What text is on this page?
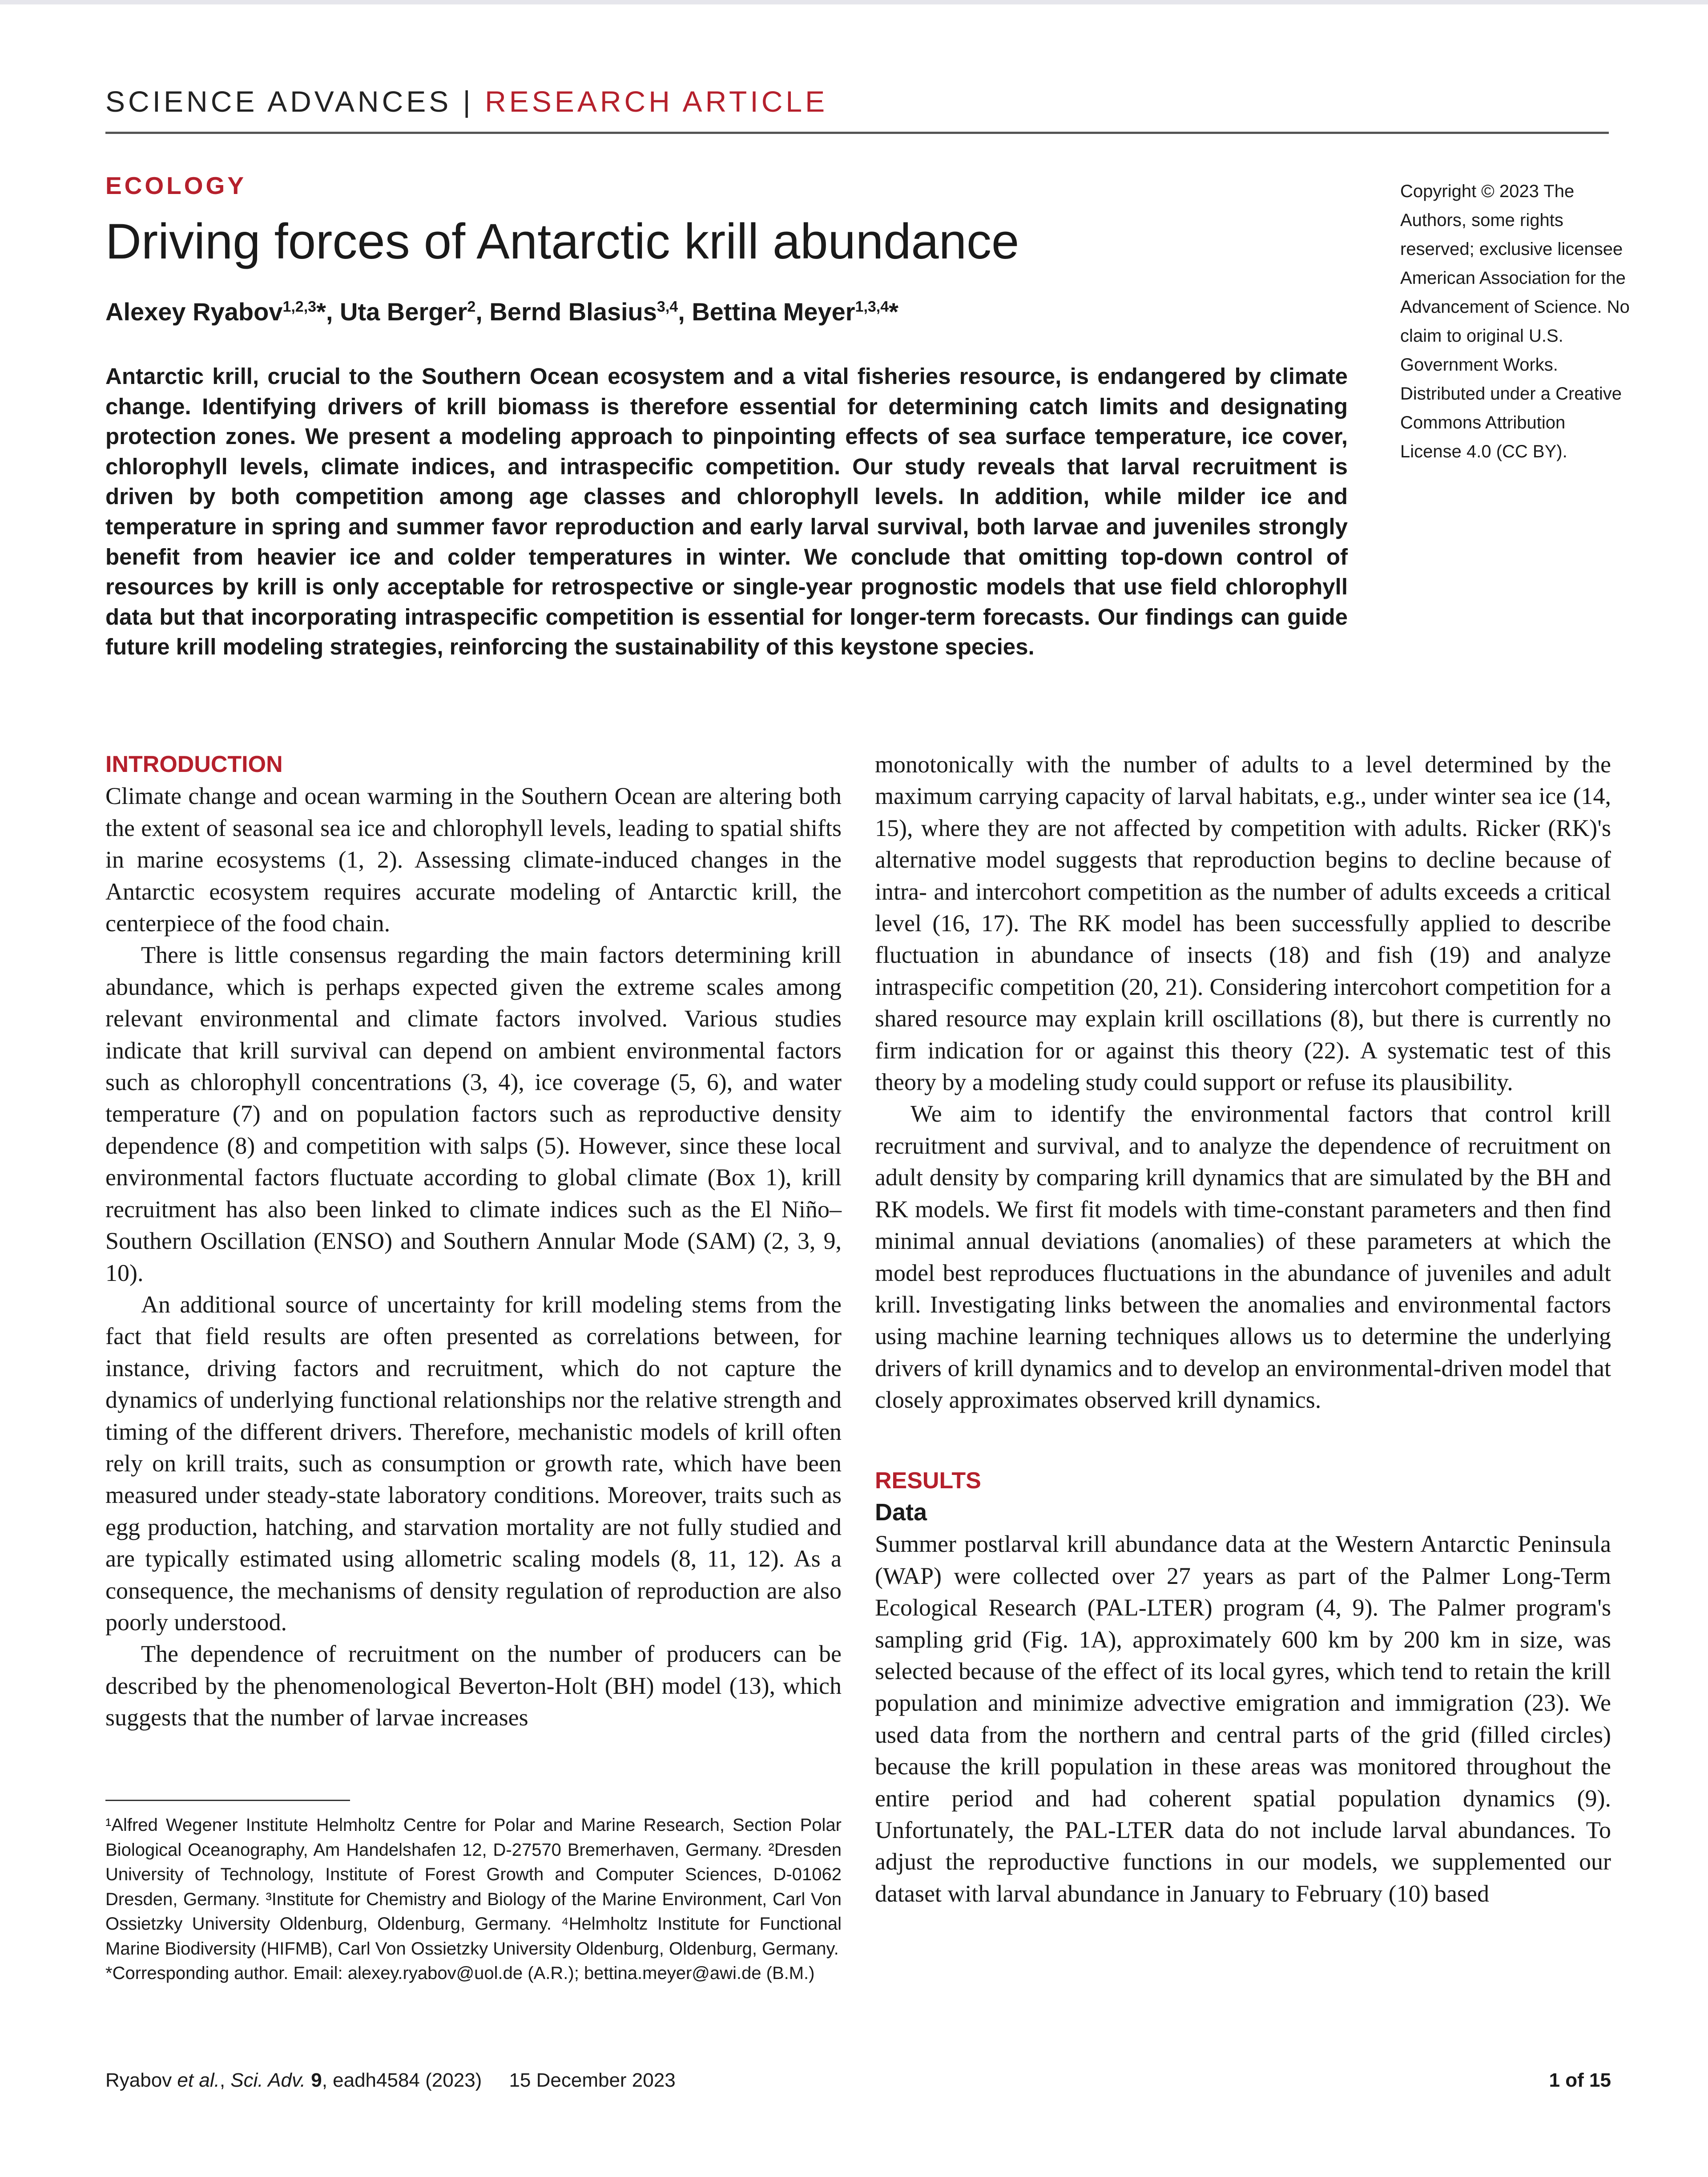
SCIENCE ADVANCES | RESEARCH ARTICLE
ECOLOGY
Driving forces of Antarctic krill abundance
Alexey Ryabov$^{1,2,3}$*, Uta Berger$^2$, Bernd Blasius$^{3,4}$, Bettina Meyer$^{1,3,4}$*
Copyright © 2023 The Authors, some rights reserved; exclusive licensee American Association for the Advancement of Science. No claim to original U.S. Government Works. Distributed under a Creative Commons Attribution License 4.0 (CC BY).

Antarctic krill, crucial to the Southern Ocean ecosystem and a vital fisheries resource, is endangered by climate change. Identifying drivers of krill biomass is therefore essential for determining catch limits and designating protection zones. We present a modeling approach to pinpointing effects of sea surface temperature, ice cover, chlorophyll levels, climate indices, and intraspecific competition. Our study reveals that larval recruitment is driven by both competition among age classes and chlorophyll levels. In addition, while milder ice and temperature in spring and summer favor reproduction and early larval survival, both larvae and juveniles strongly benefit from heavier ice and colder temperatures in winter. We conclude that omitting top-down control of resources by krill is only acceptable for retrospective or single-year prognostic models that use field chlorophyll data but that incorporating intraspecific competition is essential for longer-term forecasts. Our findings can guide future krill modeling strategies, reinforcing the sustainability of this keystone species.

INTRODUCTION

Climate change and ocean warming in the Southern Ocean are altering both the extent of seasonal sea ice and chlorophyll levels, leading to spatial shifts in marine ecosystems (1, 2). Assessing climate-induced changes in the Antarctic ecosystem requires accurate modeling of Antarctic krill, the centerpiece of the food chain.

There is little consensus regarding the main factors determining krill abundance, which is perhaps expected given the extreme scales among relevant environmental and climate factors involved. Various studies indicate that krill survival can depend on ambient environmental factors such as chlorophyll concentrations (3, 4), ice coverage (5, 6), and water temperature (7) and on population factors such as reproductive density dependence (8) and competition with salps (5). However, since these local environmental factors fluctuate according to global climate (Box 1), krill recruitment has also been linked to climate indices such as the El Niño–Southern Oscillation (ENSO) and Southern Annular Mode (SAM) (2, 3, 9, 10).

An additional source of uncertainty for krill modeling stems from the fact that field results are often presented as correlations between, for instance, driving factors and recruitment, which do not capture the dynamics of underlying functional relationships nor the relative strength and timing of the different drivers. Therefore, mechanistic models of krill often rely on krill traits, such as consumption or growth rate, which have been measured under steady-state laboratory conditions. Moreover, traits such as egg production, hatching, and starvation mortality are not fully studied and are typically estimated using allometric scaling models (8, 11, 12). As a consequence, the mechanisms of density regulation of reproduction are also poorly understood.

The dependence of recruitment on the number of producers can be described by the phenomenological Beverton-Holt (BH) model (13), which suggests that the number of larvae increases

monotonically with the number of adults to a level determined by the maximum carrying capacity of larval habitats, e.g., under winter sea ice (14, 15), where they are not affected by competition with adults. Ricker (RK)'s alternative model suggests that reproduction begins to decline because of intra- and intercohort competition as the number of adults exceeds a critical level (16, 17). The RK model has been successfully applied to describe fluctuation in abundance of insects (18) and fish (19) and analyze intraspecific competition (20, 21). Considering intercohort competition for a shared resource may explain krill oscillations (8), but there is currently no firm indication for or against this theory (22). A systematic test of this theory by a modeling study could support or refuse its plausibility.

We aim to identify the environmental factors that control krill recruitment and survival, and to analyze the dependence of recruitment on adult density by comparing krill dynamics that are simulated by the BH and RK models. We first fit models with time-constant parameters and then find minimal annual deviations (anomalies) of these parameters at which the model best reproduces fluctuations in the abundance of juveniles and adult krill. Investigating links between the anomalies and environmental factors using machine learning techniques allows us to determine the underlying drivers of krill dynamics and to develop an environmental-driven model that closely approximates observed krill dynamics.

RESULTS

Data

Summer postlarval krill abundance data at the Western Antarctic Peninsula (WAP) were collected over 27 years as part of the Palmer Long-Term Ecological Research (PAL-LTER) program (4, 9). The Palmer program's sampling grid (Fig. 1A), approximately 600 km by 200 km in size, was selected because of the effect of its local gyres, which tend to retain the krill population and minimize advective emigration and immigration (23). We used data from the northern and central parts of the grid (filled circles) because the krill population in these areas was monitored throughout the entire period and had coherent spatial population dynamics (9). Unfortunately, the PAL-LTER data do not include larval abundances. To adjust the reproductive functions in our models, we supplemented our dataset with larval abundance in January to February (10) based

¹Alfred Wegener Institute Helmholtz Centre for Polar and Marine Research, Section Polar Biological Oceanography, Am Handelshafen 12, D-27570 Bremerhaven, Germany. ²Dresden University of Technology, Institute of Forest Growth and Computer Sciences, D-01062 Dresden, Germany. ³Institute for Chemistry and Biology of the Marine Environment, Carl Von Ossietzky University Oldenburg, Oldenburg, Germany. ⁴Helmholtz Institute for Functional Marine Biodiversity (HIFMB), Carl Von Ossietzky University Oldenburg, Oldenburg, Germany.

*Corresponding author. Email: alexey.ryabov@uol.de (A.R.); bettina.meyer@awi.de (B.M.)

Ryabov et al., Sci. Adv. 9, eadh4584 (2023)     15 December 2023	1 of 15
